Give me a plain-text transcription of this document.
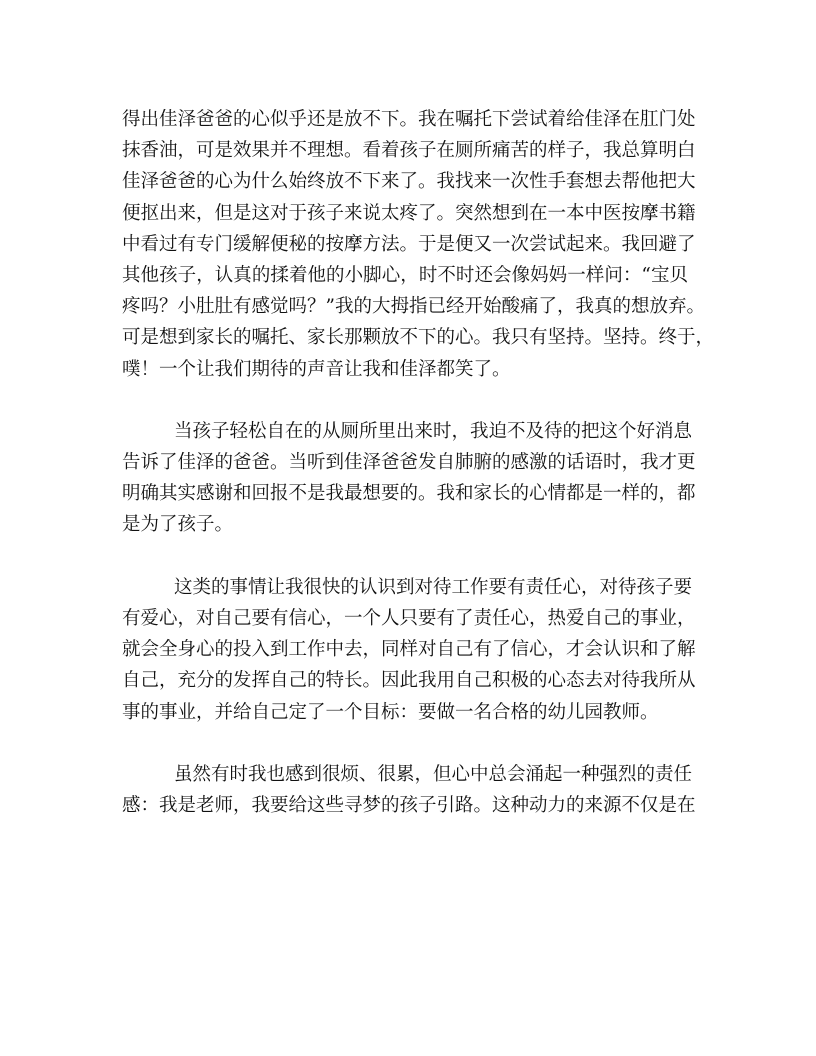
得出佳泽爸爸的心似乎还是放不下。我在嘱托下尝试着给佳泽在肛门处
抹香油，可是效果并不理想。看着孩子在厕所痛苦的样子，我总算明白
佳泽爸爸的心为什么始终放不下来了。我找来一次性手套想去帮他把大
便抠出来，但是这对于孩子来说太疼了。突然想到在一本中医按摩书籍
中看过有专门缓解便秘的按摩方法。于是便又一次尝试起来。我回避了
其他孩子，认真的揉着他的小脚心，时不时还会像妈妈一样问：“宝贝
疼吗？小肚肚有感觉吗？”我的大拇指已经开始酸痛了，我真的想放弃。
可是想到家长的嘱托、家长那颗放不下的心。我只有坚持。坚持。终于，
噗！一个让我们期待的声音让我和佳泽都笑了。
当孩子轻松自在的从厕所里出来时，我迫不及待的把这个好消息
告诉了佳泽的爸爸。当听到佳泽爸爸发自肺腑的感激的话语时，我才更
明确其实感谢和回报不是我最想要的。我和家长的心情都是一样的，都
是为了孩子。
这类的事情让我很快的认识到对待工作要有责任心，对待孩子要
有爱心，对自己要有信心，一个人只要有了责任心，热爱自己的事业，
就会全身心的投入到工作中去，同样对自己有了信心，才会认识和了解
自己，充分的发挥自己的特长。因此我用自己积极的心态去对待我所从
事的事业，并给自己定了一个目标：要做一名合格的幼儿园教师。
虽然有时我也感到很烦、很累，但心中总会涌起一种强烈的责任
感：我是老师，我要给这些寻梦的孩子引路。这种动力的来源不仅是在
